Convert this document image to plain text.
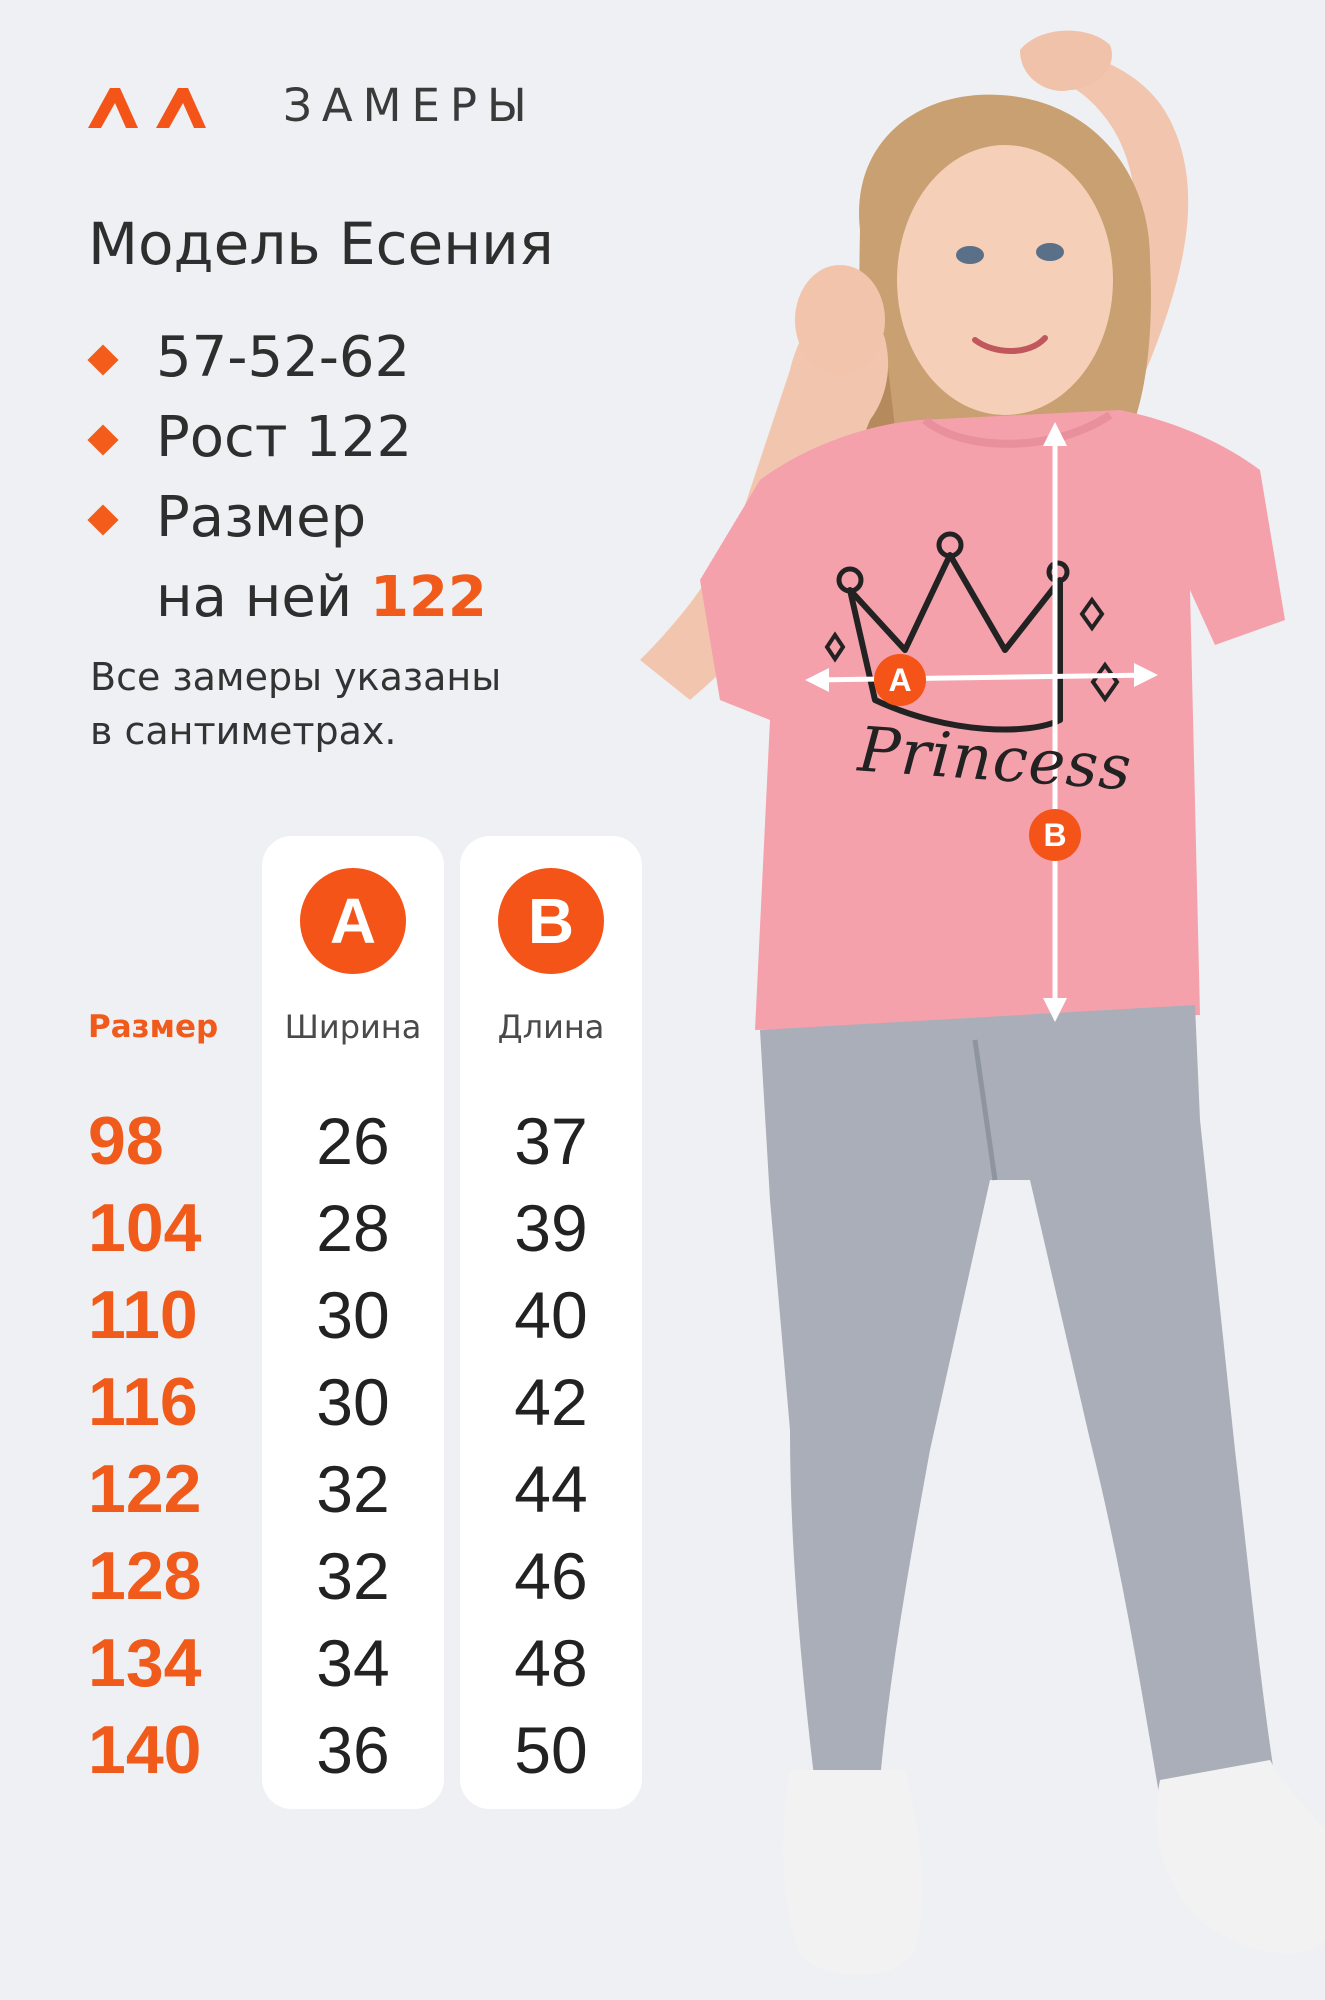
Princess
A
B
ЗАМЕРЫ
Модель Есения
57-52-62
Рост 122
Размер
на ней 122
Все замеры указаны
в сантиметрах.
A	B
Размер	Ширина	Длина
98	26	37
104	28	39
110	30	40
116	30	42
122	32	44
128	32	46
134	34	48
140	36	50
